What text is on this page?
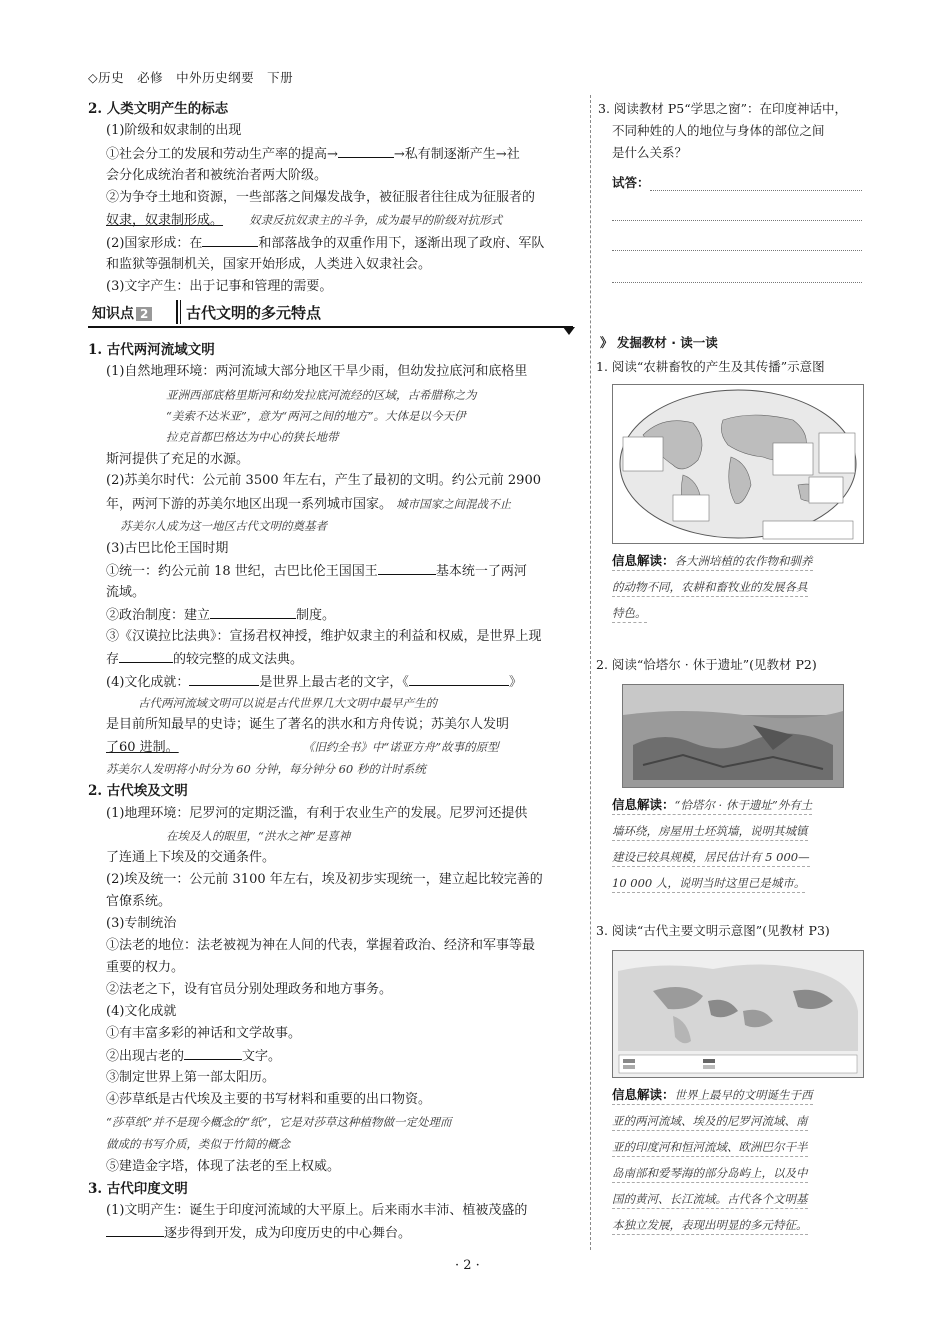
◇历史　必修　中外历史纲要　下册
2. 人类文明产生的标志
(1)阶级和奴隶制的出现
①社会分工的发展和劳动生产率的提高→	→私有制逐渐产生→社
会分化成统治者和被统治者两大阶级。
②为争夺土地和资源，一些部落之间爆发战争，被征服者往往成为征服者的
奴隶，奴隶制形成。 奴隶反抗奴隶主的斗争，成为最早的阶级对抗形式
(2)国家形成：在	和部落战争的双重作用下，逐渐出现了政府、军队
和监狱等强制机关，国家开始形成，人类进入奴隶社会。
(3)文字产生：出于记事和管理的需要。
知识点 2	古代文明的多元特点
1. 古代两河流域文明
(1)自然地理环境：两河流域大部分地区干旱少雨，但幼发拉底河和底格里
亚洲西部底格里斯河和幼发拉底河流经的区域，古希腊称之为
“美索不达米亚”，意为“两河之间的地方”。大体是以今天伊
拉克首都巴格达为中心的狭长地带
斯河提供了充足的水源。
(2)苏美尔时代：公元前 3500 年左右，产生了最初的文明。约公元前 2900
年，两河下游的苏美尔地区出现一系列城市国家。 城市国家之间混战不止
苏美尔人成为这一地区古代文明的奠基者
(3)古巴比伦王国时期
①统一：约公元前 18 世纪，古巴比伦王国国王	基本统一了两河
流域。
②政治制度：建立	制度。
③《汉谟拉比法典》：宣扬君权神授，维护奴隶主的利益和权威，是世界上现
存	的较完整的成文法典。
(4)文化成就：	是世界上最古老的文字，《	》
古代两河流域文明可以说是古代世界几大文明中最早产生的
是目前所知最早的史诗；诞生了著名的洪水和方舟传说；苏美尔人发明
了60 进制。	《旧约全书》中“诺亚方舟”故事的原型
苏美尔人发明将小时分为 60 分钟，每分钟分 60 秒的计时系统
2. 古代埃及文明
(1)地理环境：尼罗河的定期泛滥，有利于农业生产的发展。尼罗河还提供
在埃及人的眼里，“洪水之神”是喜神
了连通上下埃及的交通条件。
(2)埃及统一：公元前 3100 年左右，埃及初步实现统一，建立起比较完善的
官僚系统。
(3)专制统治
①法老的地位：法老被视为神在人间的代表，掌握着政治、经济和军事等最
重要的权力。
②法老之下，设有官员分别处理政务和地方事务。
(4)文化成就
①有丰富多彩的神话和文学故事。
②出现古老的	文字。
③制定世界上第一部太阳历。
④莎草纸是古代埃及主要的书写材料和重要的出口物资。
“莎草纸”并不是现今概念的“纸”，它是对莎草这种植物做一定处理而
做成的书写介质，类似于竹简的概念
⑤建造金字塔，体现了法老的至上权威。
3. 古代印度文明
(1)文明产生：诞生于印度河流域的大平原上。后来雨水丰沛、植被茂盛的
逐步得到开发，成为印度历史的中心舞台。
3. 阅读教材 P5“学思之窗”：在印度神话中，
不同种姓的人的地位与身体的部位之间
是什么关系？
试答：
》 发掘教材 · 读一读
1. 阅读“农耕畜牧的产生及其传播”示意图
信息解读：各大洲培植的农作物和驯养
的动物不同，农耕和畜牧业的发展各具
特色。
2. 阅读“恰塔尔 · 休于遗址”(见教材 P2)
信息解读：“恰塔尔 · 休于遗址”外有土
墙环绕，房屋用土坯筑墙，说明其城镇
建设已较具规模，居民估计有 5 000—
10 000 人，说明当时这里已是城市。
3. 阅读“古代主要文明示意图”(见教材 P3)
信息解读：世界上最早的文明诞生于西
亚的两河流域、埃及的尼罗河流域、南
亚的印度河和恒河流域、欧洲巴尔干半
岛南部和爱琴海的部分岛屿上，以及中
国的黄河、长江流域。古代各个文明基
本独立发展，表现出明显的多元特征。
· 2 ·
